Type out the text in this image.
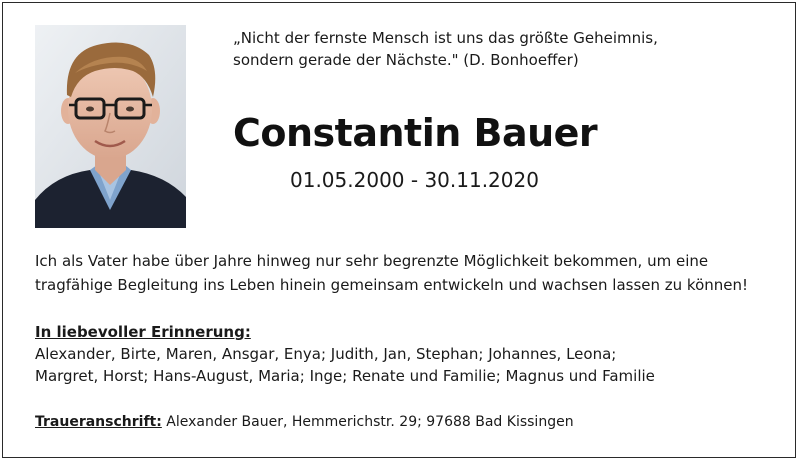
„Nicht der fernste Mensch ist uns das größte Geheimnis,
sondern gerade der Nächste." (D. Bonhoeffer)
Constantin Bauer
01.05.2000 - 30.11.2020

Ich als Vater habe über Jahre hinweg nur sehr begrenzte Möglichkeit bekommen, um eine

tragfähige Begleitung ins Leben hinein gemeinsam entwickeln und wachsen lassen zu können!

In liebevoller Erinnerung:

Alexander, Birte, Maren, Ansgar, Enya; Judith, Jan, Stephan; Johannes, Leona;

Margret, Horst; Hans-August, Maria; Inge; Renate und Familie; Magnus und Familie

Traueranschrift: Alexander Bauer, Hemmerichstr. 29; 97688 Bad Kissingen
